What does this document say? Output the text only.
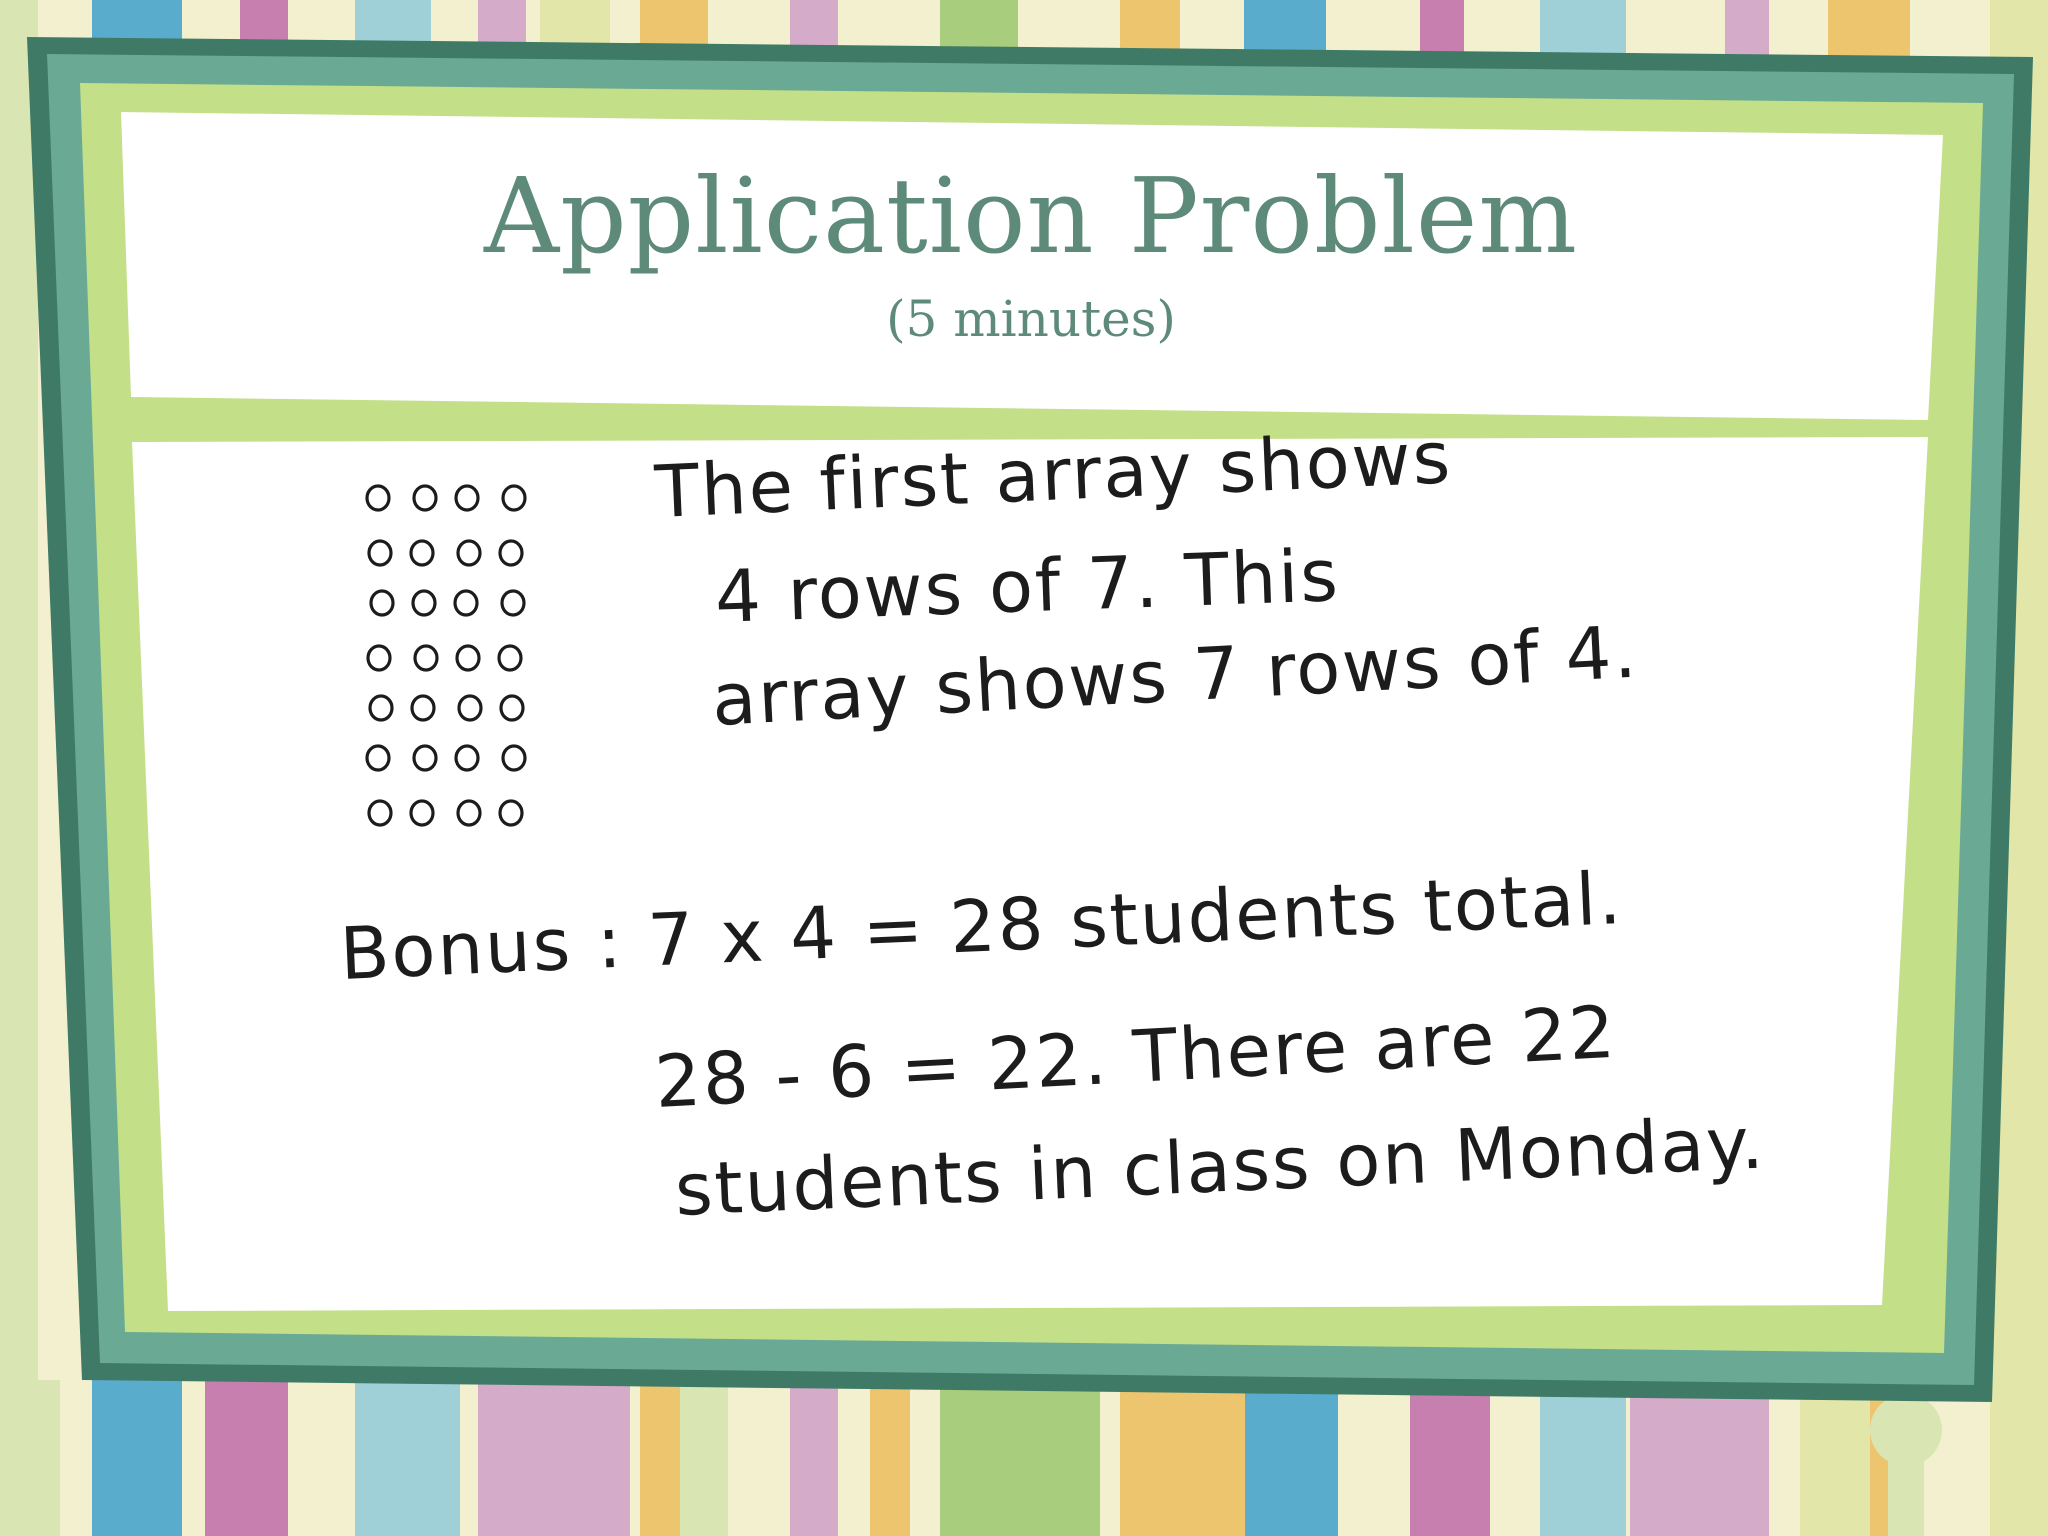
Application Problem

(5 minutes)

The first array shows

4 rows of 7. This

array shows 7 rows of 4.

Bonus : 7 x 4 = 28 students total.

28 - 6 = 22. There are 22

students in class on Monday.
